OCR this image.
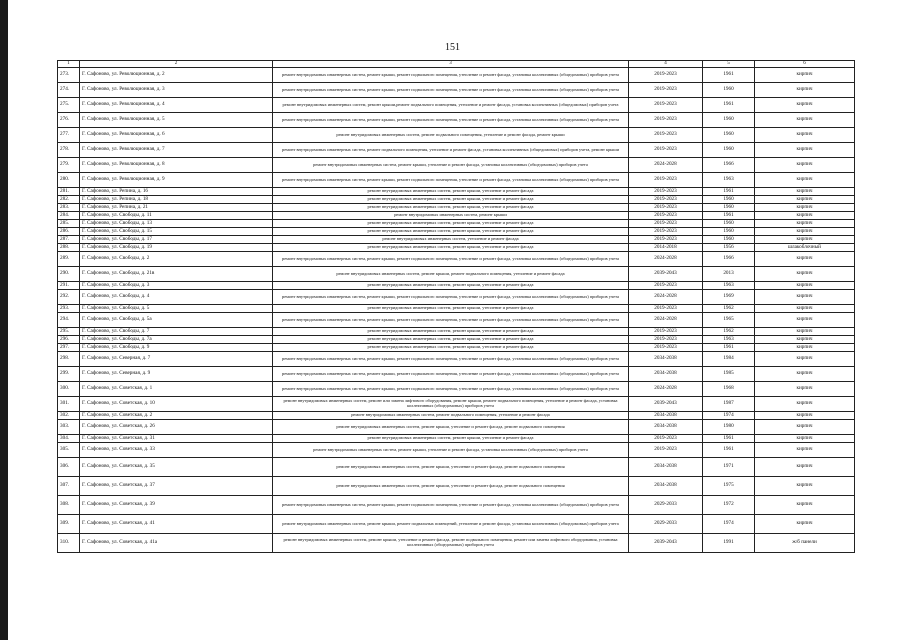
151
1	2	3	4	5	6
273.	Г. Сафоново, ул. Революционная, д. 2	ремонт внутридомовых инженерных систем, ремонт крыши, ремонт подвального помещения, утепление и ремонт фасада, установка коллективных (общедомовых) приборов учета	2019-2023	1961	кирпич
274.	Г. Сафоново, ул. Революционная, д. 3	ремонт внутридомовых инженерных систем, ремонт крыши, ремонт подвального помещения, утепление и ремонт фасада, установка коллективных (общедомовых) приборов учета	2019-2023	1960	кирпич
275.	Г. Сафоново, ул. Революционная, д. 4	ремонт внутридомовых инженерных систем, ремонт крыши,ремонт подвального помещения, утепление и ремонт фасада, установка коллективных (общедомовых) приборов учета	2019-2023	1961	кирпич
276.	Г. Сафоново, ул. Революционная, д. 5	ремонт внутридомовых инженерных систем, ремонт крыши, ремонт подвального помещения, утепление и ремонт фасада, установка коллективных (общедомовых) приборов учета	2019-2023	1960	кирпич
277.	Г. Сафоново, ул. Революционная, д. 6	ремонт внутридомовых инженерных систем, ремонт подвального помещения, утепление и ремонт фасада, ремонт крыши	2019-2023	1960	кирпич
278.	Г. Сафоново, ул. Революционная, д. 7	ремонт внутридомовых инженерных систем, ремонт подвального помещения, утепление и ремонт фасада, установка коллективных (общедомовых) приборов учета, ремонт крыши	2019-2023	1960	кирпич
279.	Г. Сафоново, ул. Революционная, д. 8	ремонт внутридомовых инженерных систем, ремонт крыши, утепление и ремонт фасада, установка коллективных (общедомовых) приборов учета	2024-2028	1966	кирпич
280.	Г. Сафоново, ул. Революционная, д. 9	ремонт внутридомовых инженерных систем, ремонт крыши, ремонт подвального помещения, утепление и ремонт фасада, установка коллективных (общедомовых) приборов учета	2019-2023	1963	кирпич
281.	Г. Сафоново, ул. Репина, д. 16	ремонт внутридомовых инженерных систем, ремонт крыши, утепление и ремонт фасада	2019-2023	1961	кирпич
282.	Г. Сафоново, ул. Репина, д. 18	ремонт внутридомовых инженерных систем, ремонт крыши, утепление и ремонт фасада	2019-2023	1960	кирпич
283.	Г. Сафоново, ул. Репина, д. 21	ремонт внутридомовых инженерных систем, ремонт крыши, утепление и ремонт фасада	2019-2023	1960	кирпич
284.	Г. Сафоново, ул. Свободы, д. 11	ремонт внутридомовых инженерных систем, ремонт крыши	2019-2023	1961	кирпич
285.	Г. Сафоново, ул. Свободы, д. 13	ремонт внутридомовых инженерных систем, ремонт крыши, утепление и ремонт фасада	2019-2023	1960	кирпич
286.	Г. Сафоново, ул. Свободы, д. 15	ремонт внутридомовых инженерных систем, ремонт крыши, утепление и ремонт фасада	2019-2023	1960	кирпич
287.	Г. Сафоново, ул. Свободы, д. 17	ремонт внутридомовых инженерных систем, утепление и ремонт фасада	2019-2023	1960	кирпич
288.	Г. Сафоново, ул. Свободы, д. 19	ремонт внутридомовых инженерных систем, ремонт крыши, утепление и ремонт фасада	2014-2018	1956	шлакоблочный
289.	Г. Сафоново, ул. Свободы, д. 2	ремонт внутридомовых инженерных систем, ремонт крыши, ремонт подвального помещения, утепление и ремонт фасада, установка коллективных (общедомовых) приборов учета	2024-2028	1966	кирпич
290.	Г. Сафоново, ул. Свободы, д. 21в	ремонт внутридомовых инженерных систем, ремонт крыши, ремонт подвального помещения, утепление и ремонт фасада	2039-2043	2013	кирпич
291.	Г. Сафоново, ул. Свободы, д. 3	ремонт внутридомовых инженерных систем, ремонт крыши, утепление и ремонт фасада	2019-2023	1963	кирпич
292.	Г. Сафоново, ул. Свободы, д. 4	ремонт внутридомовых инженерных систем, ремонт крыши, ремонт подвального помещения, утепление и ремонт фасада, установка коллективных (общедомовых) приборов учета	2024-2028	1969	кирпич
293.	Г. Сафоново, ул. Свободы, д. 5	ремонт внутридомовых инженерных систем, ремонт крыши, утепление и ремонт фасада	2019-2023	1962	кирпич
294.	Г. Сафоново, ул. Свободы, д. 5а	ремонт внутридомовых инженерных систем, ремонт крыши, ремонт подвального помещения, утепление и ремонт фасада, установка коллективных (общедомовых) приборов учета	2024-2028	1965	кирпич
295.	Г. Сафоново, ул. Свободы, д. 7	ремонт внутридомовых инженерных систем, ремонт крыши, утепление и ремонт фасада	2019-2023	1962	кирпич
296.	Г. Сафоново, ул. Свободы, д. 7а	ремонт внутридомовых инженерных систем, ремонт крыши, утепление и ремонт фасада	2019-2023	1963	кирпич
297.	Г. Сафоново, ул. Свободы, д. 9	ремонт внутридомовых инженерных систем, ремонт крыши, утепление и ремонт фасада	2019-2023	1961	кирпич
298.	Г. Сафоново, ул. Северная, д. 7	ремонт внутридомовых инженерных систем, ремонт крыши, ремонт подвального помещения, утепление и ремонт фасада, установка коллективных (общедомовых) приборов учета	2034-2038	1984	кирпич
299.	Г. Сафоново, ул. Северная, д. 9	ремонт внутридомовых инженерных систем, ремонт крыши, ремонт подвального помещения, утепление и ремонт фасада, установка коллективных (общедомовых) приборов учета	2034-2038	1985	кирпич
300.	Г. Сафоново, ул. Советская, д. 1	ремонт внутридомовых инженерных систем, ремонт крыши, ремонт подвального помещения, утепление и ремонт фасада, установка коллективных (общедомовых) приборов учета	2024-2028	1968	кирпич
301.	Г. Сафоново, ул. Советская, д. 10	ремонт внутридомовых инженерных систем, ремонт или замена лифтового оборудования, ремонт крыши, ремонт подвального помещения, утепление и ремонт фасада, установка коллективных (общедомовых) приборов учета	2039-2043	1987	кирпич
302.	Г. Сафоново, ул. Советская, д. 2	ремонт внутридомовых инженерных систем, ремонт подвального помещения, утепление и ремонт фасада	2034-2038	1974	кирпич
303.	Г. Сафоново, ул. Советская, д. 26	ремонт внутридомовых инженерных систем, ремонт крыши, утепление и ремонт фасада, ремонт подвального помещения	2034-2038	1980	кирпич
304.	Г. Сафоново, ул. Советская, д. 31	ремонт внутридомовых инженерных систем, ремонт крыши, утепление и ремонт фасада	2019-2023	1961	кирпич
305.	Г. Сафоново, ул. Советская, д. 33	ремонт внутридомовых инженерных систем, ремонт крыши, утепление и ремонт фасада, установка коллективных (общедомовых) приборов учета	2019-2023	1961	кирпич
306.	Г. Сафоново, ул. Советская, д. 35	ремонт внутридомовых инженерных систем, ремонт крыши, утепление и ремонт фасада, ремонт подвального помещения	2034-2038	1971	кирпич
307.	Г. Сафоново, ул. Советская, д. 37	ремонт внутридомовых инженерных систем, ремонт крыши, утепление и ремонт фасада, ремонт подвального помещения	2034-2038	1975	кирпич
308.	Г. Сафоново, ул. Советская, д. 39	ремонт внутридомовых инженерных систем, ремонт крыши, ремонт подвального помещения, утепление и ремонт фасада, установка коллективных (общедомовых) приборов учета	2029-2033	1972	кирпич
309.	Г. Сафоново, ул. Советская, д. 41	ремонт внутридомовых инженерных систем, ремонт крыши, ремонт подвальных помещений, утепление и ремонт фасада, установка коллективных (общедомовых) приборов учета	2029-2033	1974	кирпич
310.	Г. Сафоново, ул. Советская, д. 41а	ремонт внутридомовых инженерных систем, ремонт крыши, утепление и ремонт фасада, ремонт подвального помещения, ремонт или замена лифтового оборудования, установка коллективных (общедомовых) приборов учета	2039-2043	1991	ж/б панели
